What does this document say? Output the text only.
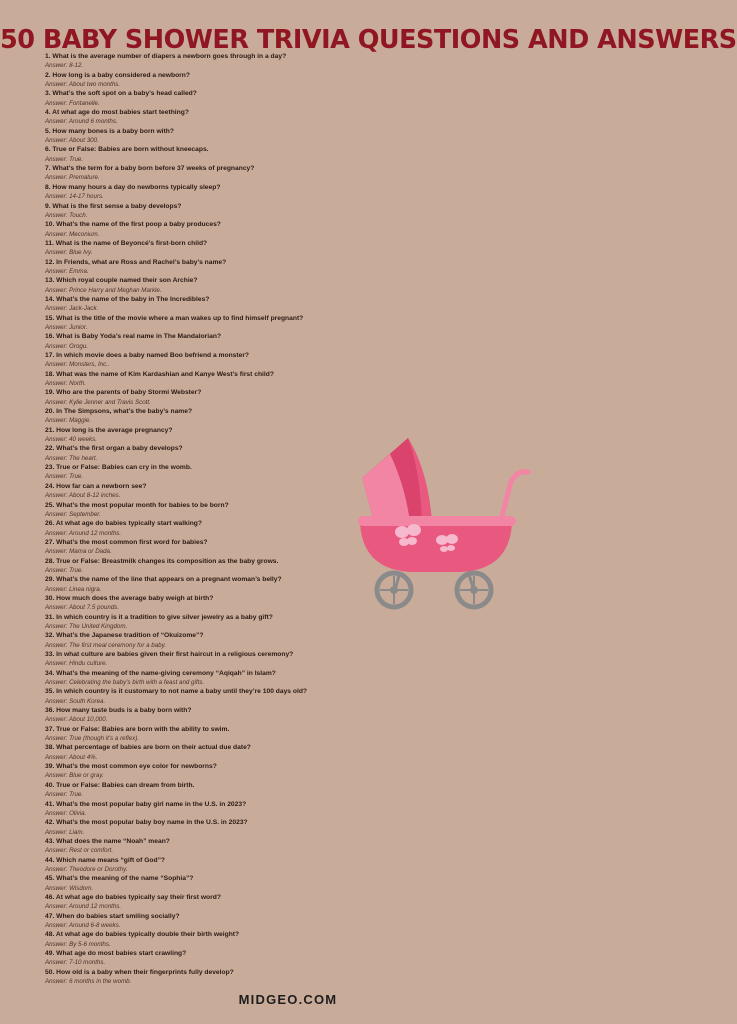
50 BABY SHOWER TRIVIA QUESTIONS AND ANSWERS
1. What is the average number of diapers a newborn goes through in a day?
Answer: 8-12.
2. How long is a baby considered a newborn?
Answer: About two months.
3. What’s the soft spot on a baby’s head called?
Answer: Fontanelle.
4. At what age do most babies start teething?
Answer: Around 6 months.
5. How many bones is a baby born with?
Answer: About 300.
6. True or False: Babies are born without kneecaps.
Answer: True.
7. What’s the term for a baby born before 37 weeks of pregnancy?
Answer: Premature.
8. How many hours a day do newborns typically sleep?
Answer: 14-17 hours.
9. What is the first sense a baby develops?
Answer: Touch.
10. What’s the name of the first poop a baby produces?
Answer: Meconium.
11. What is the name of Beyoncé’s first-born child?
Answer: Blue Ivy.
12. In Friends, what are Ross and Rachel’s baby’s name?
Answer: Emma.
13. Which royal couple named their son Archie?
Answer: Prince Harry and Meghan Markle.
14. What’s the name of the baby in The Incredibles?
Answer: Jack-Jack.
15. What is the title of the movie where a man wakes up to find himself pregnant?
Answer: Junior.
16. What is Baby Yoda’s real name in The Mandalorian?
Answer: Grogu.
17. In which movie does a baby named Boo befriend a monster?
Answer: Monsters, Inc..
18. What was the name of Kim Kardashian and Kanye West’s first child?
Answer: North.
19. Who are the parents of baby Stormi Webster?
Answer: Kylie Jenner and Travis Scott.
20. In The Simpsons, what’s the baby’s name?
Answer: Maggie.
21. How long is the average pregnancy?
Answer: 40 weeks.
22. What’s the first organ a baby develops?
Answer: The heart.
23. True or False: Babies can cry in the womb.
Answer: True.
24. How far can a newborn see?
Answer: About 8-12 inches.
25. What’s the most popular month for babies to be born?
Answer: September.
26. At what age do babies typically start walking?
Answer: Around 12 months.
27. What’s the most common first word for babies?
Answer: Mama or Dada.
28. True or False: Breastmilk changes its composition as the baby grows.
Answer: True.
29. What’s the name of the line that appears on a pregnant woman’s belly?
Answer: Linea nigra.
30. How much does the average baby weigh at birth?
Answer: About 7.5 pounds.
31. In which country is it a tradition to give silver jewelry as a baby gift?
Answer: The United Kingdom.
32. What’s the Japanese tradition of “Okuizome”?
Answer: The first meal ceremony for a baby.
33. In what culture are babies given their first haircut in a religious ceremony?
Answer: Hindu culture.
34. What’s the meaning of the name-giving ceremony “Aqiqah” in Islam?
Answer: Celebrating the baby’s birth with a feast and gifts.
35. In which country is it customary to not name a baby until they’re 100 days old?
Answer: South Korea.
36. How many taste buds is a baby born with?
Answer: About 10,000.
37. True or False: Babies are born with the ability to swim.
Answer: True (though it’s a reflex).
38. What percentage of babies are born on their actual due date?
Answer: About 4%.
39. What’s the most common eye color for newborns?
Answer: Blue or gray.
40. True or False: Babies can dream from birth.
Answer: True.
41. What’s the most popular baby girl name in the U.S. in 2023?
Answer: Olivia.
42. What’s the most popular baby boy name in the U.S. in 2023?
Answer: Liam.
43. What does the name “Noah” mean?
Answer: Rest or comfort.
44. Which name means “gift of God”?
Answer: Theodore or Dorothy.
45. What’s the meaning of the name “Sophia”?
Answer: Wisdom.
46. At what age do babies typically say their first word?
Answer: Around 12 months.
47. When do babies start smiling socially?
Answer: Around 6-8 weeks.
48. At what age do babies typically double their birth weight?
Answer: By 5-6 months.
49. What age do most babies start crawling?
Answer: 7-10 months.
50. How old is a baby when their fingerprints fully develop?
Answer: 6 months in the womb.
MIDGEO.COM
